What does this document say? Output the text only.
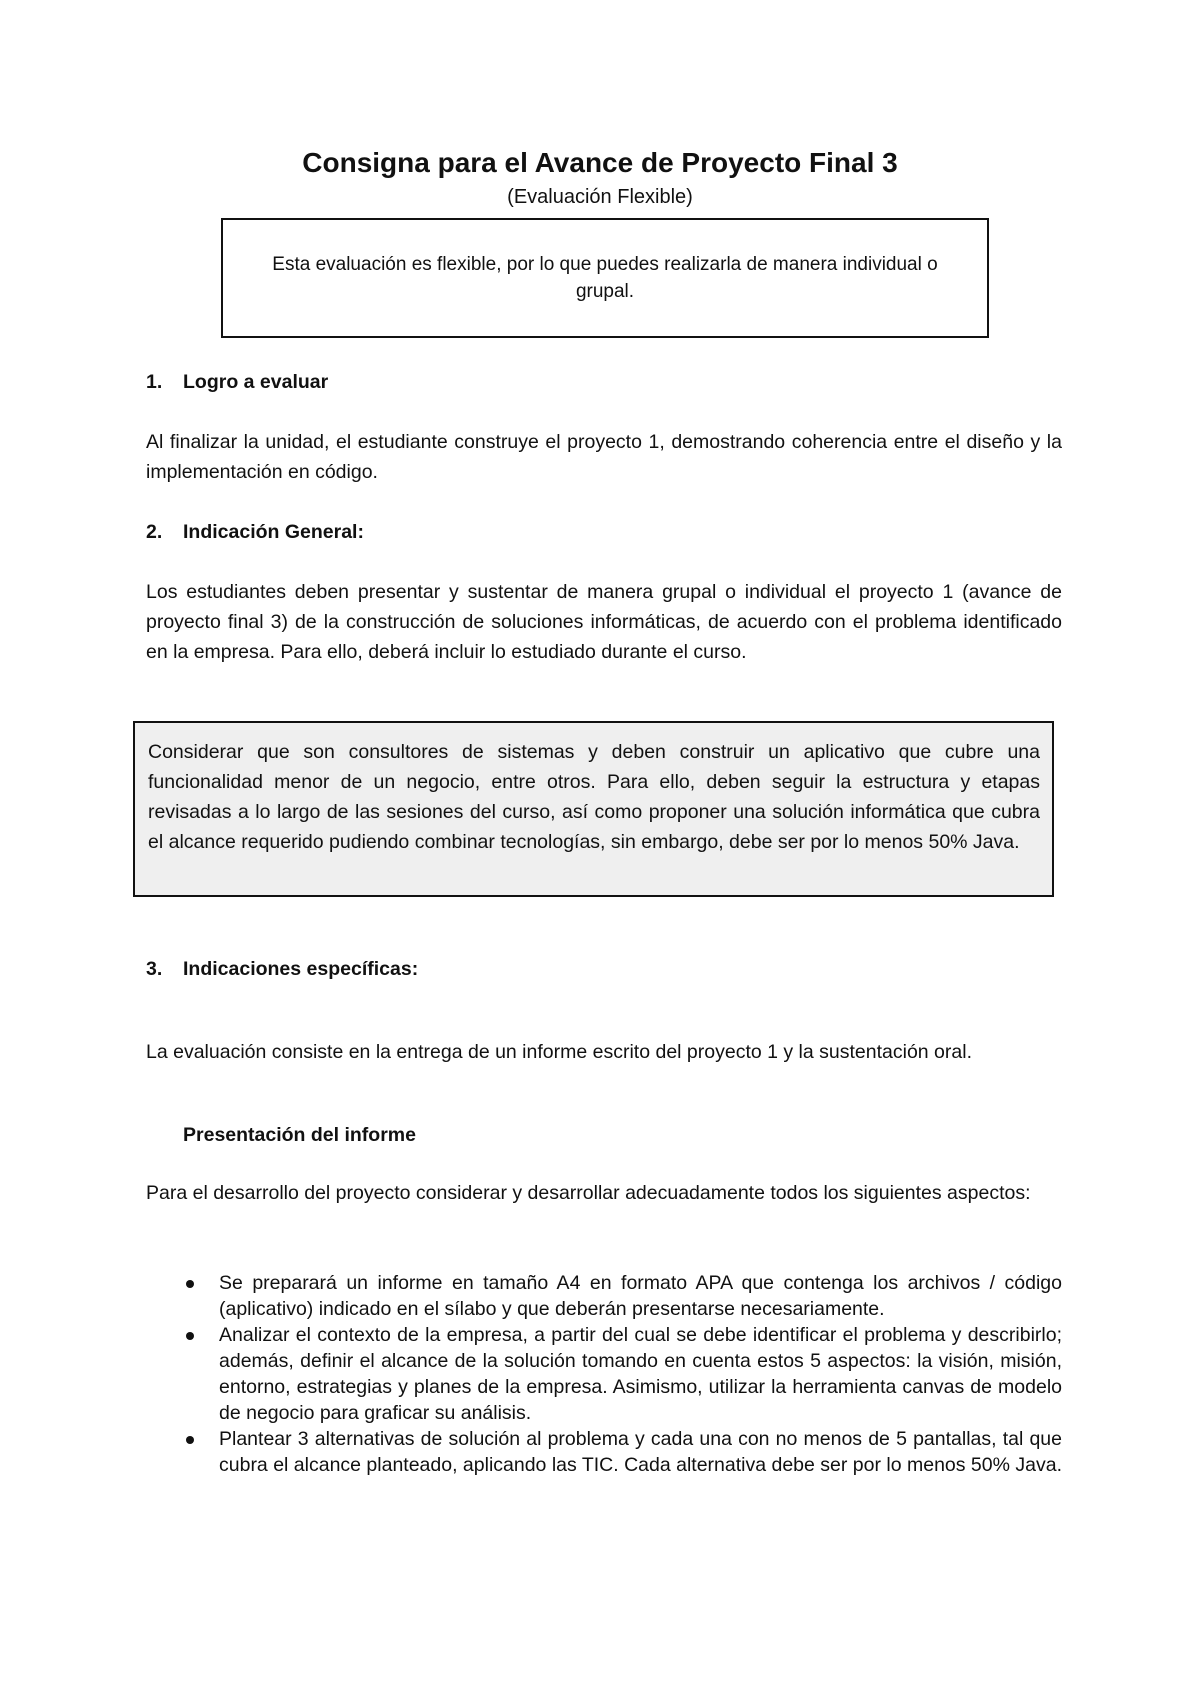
Consigna para el Avance de Proyecto Final 3
(Evaluación Flexible)
Esta evaluación es flexible, por lo que puedes realizarla de manera individual o grupal.
1. Logro a evaluar
Al finalizar la unidad, el estudiante construye el proyecto 1, demostrando coherencia entre el diseño y la implementación en código.
2. Indicación General:
Los estudiantes deben presentar y sustentar de manera grupal o individual el proyecto 1 (avance de proyecto final 3) de la construcción de soluciones informáticas, de acuerdo con el problema identificado en la empresa. Para ello, deberá incluir lo estudiado durante el curso.
Considerar que son consultores de sistemas y deben construir un aplicativo que cubre una funcionalidad menor de un negocio, entre otros. Para ello, deben seguir la estructura y etapas revisadas a lo largo de las sesiones del curso, así como proponer una solución informática que cubra el alcance requerido pudiendo combinar tecnologías, sin embargo, debe ser por lo menos 50% Java.
3. Indicaciones específicas:
La evaluación consiste en la entrega de un informe escrito del proyecto 1 y la sustentación oral.
Presentación del informe
Para el desarrollo del proyecto considerar y desarrollar adecuadamente todos los siguientes aspectos:
Se preparará un informe en tamaño A4 en formato APA que contenga los archivos / código (aplicativo) indicado en el sílabo y que deberán presentarse necesariamente.
Analizar el contexto de la empresa, a partir del cual se debe identificar el problema y describirlo; además, definir el alcance de la solución tomando en cuenta estos 5 aspectos: la visión, misión, entorno, estrategias y planes de la empresa. Asimismo, utilizar la herramienta canvas de modelo de negocio para graficar su análisis.
Plantear 3 alternativas de solución al problema y cada una con no menos de 5 pantallas, tal que cubra el alcance planteado, aplicando las TIC. Cada alternativa debe ser por lo menos 50% Java.
